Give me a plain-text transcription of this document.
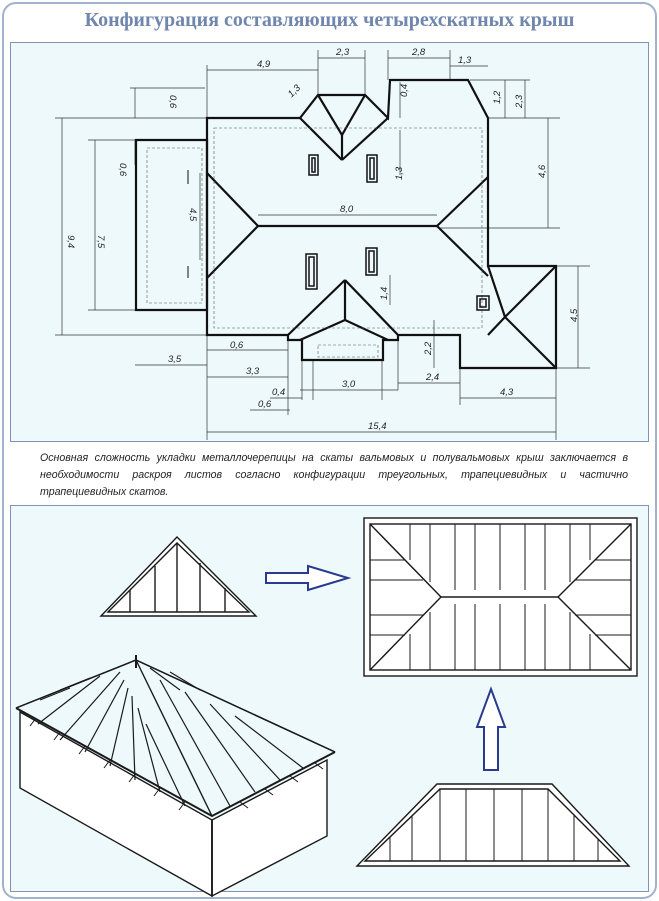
Конфигурация составляющих четырехскатных крыш
Основная сложность укладки металлочерепицы на скаты вальмовых и полувальмовых крыш заключается в необходимости раскроя листов согласно конфигурации треугольных, трапециевидных и частично трапециевидных скатов.
2,3	2,8
1,3
4,9
1,3	0,4
1,2 2,3
0,6
0,6	4,6
1,3
9,4 7,5
4,5	8,0
1,4
4,5
2,2
3,5
0,6
3,3
3,0
2,4
0,4	4,3
0,6
15,4
